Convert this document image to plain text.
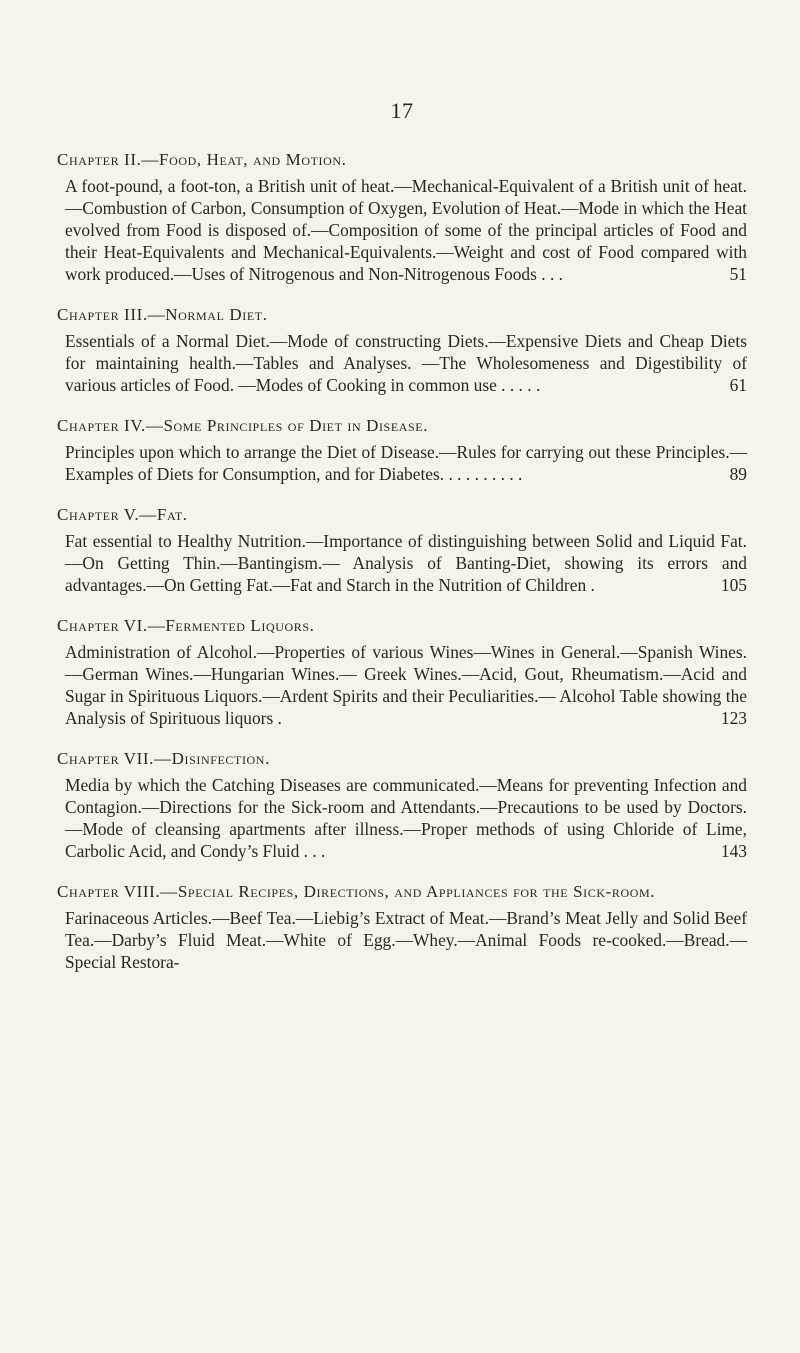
17
Chapter II.—Food, Heat, and Motion.
A foot-pound, a foot-ton, a British unit of heat.—Mechanical-Equivalent of a British unit of heat.—Combustion of Carbon, Consumption of Oxygen, Evolution of Heat.—Mode in which the Heat evolved from Food is disposed of.—Composition of some of the principal articles of Food and their Heat-Equivalents and Mechanical-Equivalents.—Weight and cost of Food compared with work produced.—Uses of Nitrogenous and Non-Nitrogenous Foods . . .	51
Chapter III.—Normal Diet.
Essentials of a Normal Diet.—Mode of constructing Diets.—Expensive Diets and Cheap Diets for maintaining health.—Tables and Analyses. —The Wholesomeness and Digestibility of various articles of Food. —Modes of Cooking in common use . . . . .	61
Chapter IV.—Some Principles of Diet in Disease.
Principles upon which to arrange the Diet of Disease.—Rules for carrying out these Principles.—Examples of Diets for Consumption, and for Diabetes. . . . . . . . . .	89
Chapter V.—Fat.
Fat essential to Healthy Nutrition.—Importance of distinguishing between Solid and Liquid Fat.—On Getting Thin.—Bantingism.— Analysis of Banting-Diet, showing its errors and advantages.—On Getting Fat.—Fat and Starch in the Nutrition of Children .	105
Chapter VI.—Fermented Liquors.
Administration of Alcohol.—Properties of various Wines—Wines in General.—Spanish Wines.—German Wines.—Hungarian Wines.— Greek Wines.—Acid, Gout, Rheumatism.—Acid and Sugar in Spirituous Liquors.—Ardent Spirits and their Peculiarities.— Alcohol Table showing the Analysis of Spirituous liquors .	123
Chapter VII.—Disinfection.
Media by which the Catching Diseases are communicated.—Means for preventing Infection and Contagion.—Directions for the Sick-room and Attendants.—Precautions to be used by Doctors.—Mode of cleansing apartments after illness.—Proper methods of using Chloride of Lime, Carbolic Acid, and Condy’s Fluid . . .	143
Chapter VIII.—Special Recipes, Directions, and Appliances for the Sick-room.
Farinaceous Articles.—Beef Tea.—Liebig’s Extract of Meat.—Brand’s Meat Jelly and Solid Beef Tea.—Darby’s Fluid Meat.—White of Egg.—Whey.—Animal Foods re-cooked.—Bread.—Special Restora-
